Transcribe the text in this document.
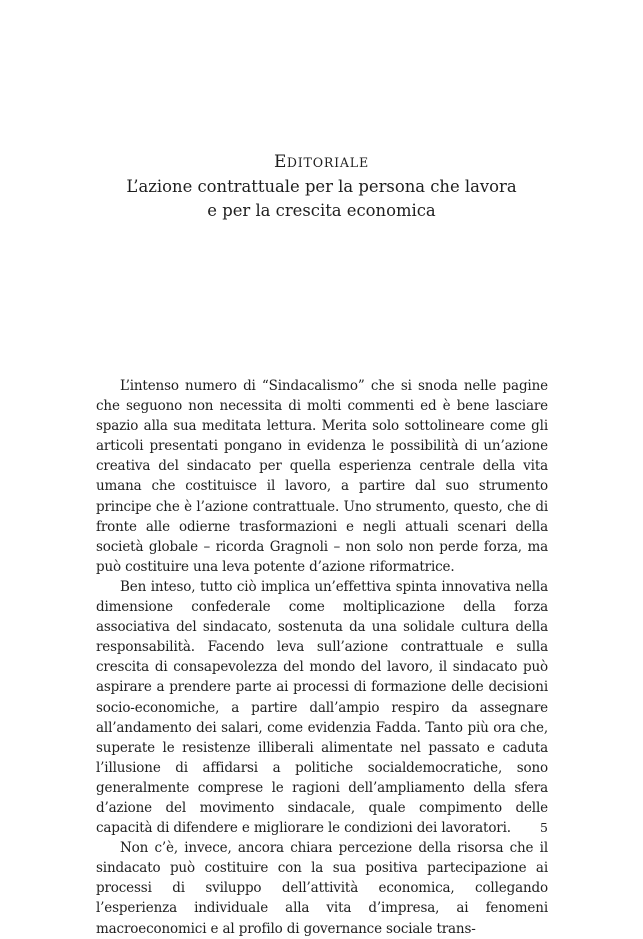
EDITORIALE
L’azione contrattuale per la persona che lavora
e per la crescita economica

L’intenso numero di “Sindacalismo” che si snoda nelle pagine che seguono non necessita di molti commenti ed è bene lasciare spazio alla sua meditata lettura. Merita solo sottolineare come gli articoli presentati pongano in evidenza le possibilità di un’azione creativa del sindacato per quella esperienza centrale della vita umana che costituisce il lavoro, a partire dal suo strumento principe che è l’azione contrattuale. Uno strumento, questo, che di fronte alle odierne trasformazioni e negli attuali scenari della società globale – ricorda Gragnoli – non solo non perde forza, ma può costituire una leva potente d’azione riformatrice.

Ben inteso, tutto ciò implica un’effettiva spinta innovativa nella dimensione confederale come moltiplicazione della forza associativa del sindacato, sostenuta da una solidale cultura della responsabilità. Facendo leva sull’azione contrattuale e sulla crescita di consapevolezza del mondo del lavoro, il sindacato può aspirare a prendere parte ai processi di formazione delle decisioni socio-economiche, a partire dall’ampio respiro da assegnare all’andamento dei salari, come evidenzia Fadda. Tanto più ora che, superate le resistenze illiberali alimentate nel passato e caduta l’illusione di affidarsi a politiche socialdemocratiche, sono generalmente comprese le ragioni dell’ampliamento della sfera d’azione del movimento sindacale, quale compimento delle capacità di difendere e migliorare le condizioni dei lavoratori.

Non c’è, invece, ancora chiara percezione della risorsa che il sindacato può costituire con la sua positiva partecipazione ai processi di sviluppo dell’attività economica, collegando l’esperienza individuale alla vita d’impresa, ai fenomeni macroeconomici e al profilo di governance sociale trans-

5
